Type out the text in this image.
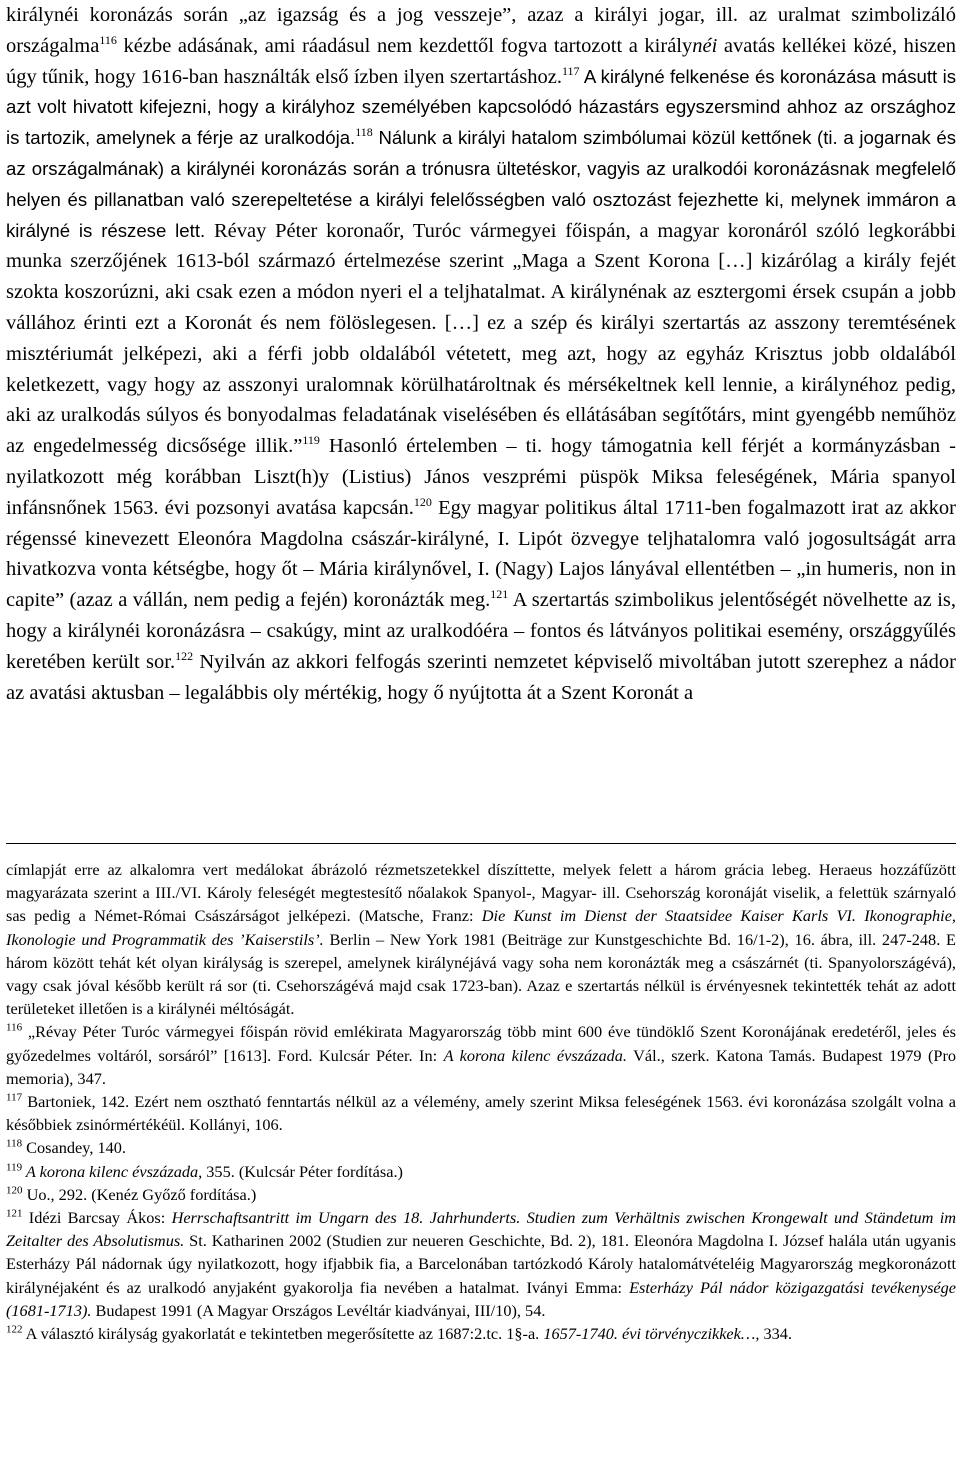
királynéi koronázás során „az igazság és a jog vesszeje”, azaz a királyi jogar, ill. az uralmat szimbolizáló országalma$^{116}$ kézbe adásának, ami ráadásul nem kezdettől fogva tartozott a királynéi avatás kellékei közé, hiszen úgy tűnik, hogy 1616-ban használták első ízben ilyen szertartáshoz.$^{117}$ A királyné felkenése és koronázása másutt is azt volt hivatott kifejezni, hogy a királyhoz személyében kapcsolódó házastárs egyszersmind ahhoz az országhoz is tartozik, amelynek a férje az uralkodója.$^{118}$ Nálunk a királyi hatalom szimbólumai közül kettőnek (ti. a jogarnak és az országalmának) a királynéi koronázás során a trónusra ültetéskor, vagyis az uralkodói koronázásnak megfelelő helyen és pillanatban való szerepeltetése a királyi felelősségben való osztozást fejezhette ki, melynek immáron a királyné is részese lett. Révay Péter koronaőr, Turóc vármegyei főispán, a magyar koronáról szóló legkorábbi munka szerzőjének 1613-ból származó értelmezése szerint „Maga a Szent Korona […] kizárólag a király fejét szokta koszorúzni, aki csak ezen a módon nyeri el a teljhatalmat. A királynénak az esztergomi érsek csupán a jobb vállához érinti ezt a Koronát és nem fölöslegesen. […] ez a szép és királyi szertartás az asszony teremtésének misztériumát jelképezi, aki a férfi jobb oldalából vétetett, meg azt, hogy az egyház Krisztus jobb oldalából keletkezett, vagy hogy az asszonyi uralomnak körülhatároltnak és mérsékeltnek kell lennie, a királynéhoz pedig, aki az uralkodás súlyos és bonyodalmas feladatának viselésében és ellátásában segítőtárs, mint gyengébb neműhöz az engedelmesség dicsősége illik.”$^{119}$ Hasonló értelemben – ti. hogy támogatnia kell férjét a kormányzásban - nyilatkozott még korábban Liszt(h)y (Listius) János veszprémi püspök Miksa feleségének, Mária spanyol infánsnőnek 1563. évi pozsonyi avatása kapcsán.$^{120}$ Egy magyar politikus által 1711-ben fogalmazott irat az akkor régenssé kinevezett Eleonóra Magdolna császár-királyné, I. Lipót özvegye teljhatalomra való jogosultságát arra hivatkozva vonta kétségbe, hogy őt – Mária királynővel, I. (Nagy) Lajos lányával ellentétben – „in humeris, non in capite” (azaz a vállán, nem pedig a fején) koronázták meg.$^{121}$ A szertartás szimbolikus jelentőségét növelhette az is, hogy a királynéi koronázásra – csakúgy, mint az uralkodóéra – fontos és látványos politikai esemény, országgyűlés keretében került sor.$^{122}$ Nyilván az akkori felfogás szerinti nemzetet képviselő mivoltában jutott szerephez a nádor az avatási aktusban – legalábbis oly mértékig, hogy ő nyújtotta át a Szent Koronát a

címlapját erre az alkalomra vert medálokat ábrázoló rézmetszetekkel díszíttette, melyek felett a három grácia lebeg. Heraeus hozzáfűzött magyarázata szerint a III./VI. Károly feleségét megtestesítő nőalakok Spanyol-, Magyar- ill. Csehország koronáját viselik, a felettük szárnyaló sas pedig a Német-Római Császárságot jelképezi. (Matsche, Franz: Die Kunst im Dienst der Staatsidee Kaiser Karls VI. Ikonographie, Ikonologie und Programmatik des ’Kaiserstils’. Berlin – New York 1981 (Beiträge zur Kunstgeschichte Bd. 16/1-2), 16. ábra, ill. 247-248. E három között tehát két olyan királyság is szerepel, amelynek királynéjává vagy soha nem koronázták meg a császárnét (ti. Spanyolországévá), vagy csak jóval később került rá sor (ti. Csehországévá majd csak 1723-ban). Azaz e szertartás nélkül is érvényesnek tekintették tehát az adott területeket illetően is a királynéi méltóságát.

$^{116}$ „Révay Péter Turóc vármegyei főispán rövid emlékirata Magyarország több mint 600 éve tündöklő Szent Koronájának eredetéről, jeles és győzedelmes voltáról, sorsáról” [1613]. Ford. Kulcsár Péter. In: A korona kilenc évszázada. Vál., szerk. Katona Tamás. Budapest 1979 (Pro memoria), 347.

$^{117}$ Bartoniek, 142. Ezért nem osztható fenntartás nélkül az a vélemény, amely szerint Miksa feleségének 1563. évi koronázása szolgált volna a későbbiek zsinórmértékéül. Kollányi, 106.

$^{118}$ Cosandey, 140.

$^{119}$ A korona kilenc évszázada, 355. (Kulcsár Péter fordítása.)

$^{120}$ Uo., 292. (Kenéz Győző fordítása.)

$^{121}$ Idézi Barcsay Ákos: Herrschaftsantritt im Ungarn des 18. Jahrhunderts. Studien zum Verhältnis zwischen Krongewalt und Ständetum im Zeitalter des Absolutismus. St. Katharinen 2002 (Studien zur neueren Geschichte, Bd. 2), 181. Eleonóra Magdolna I. József halála után ugyanis Esterházy Pál nádornak úgy nyilatkozott, hogy ifjabbik fia, a Barcelonában tartózkodó Károly hatalomátvételéig Magyarország megkoronázott királynéjaként és az uralkodó anyjaként gyakorolja fia nevében a hatalmat. Iványi Emma: Esterházy Pál nádor közigazgatási tevékenysége (1681-1713). Budapest 1991 (A Magyar Országos Levéltár kiadványai, III/10), 54.

$^{122}$ A választó királyság gyakorlatát e tekintetben megerősítette az 1687:2.tc. 1§-a. 1657-1740. évi törvényczikkek…, 334.
